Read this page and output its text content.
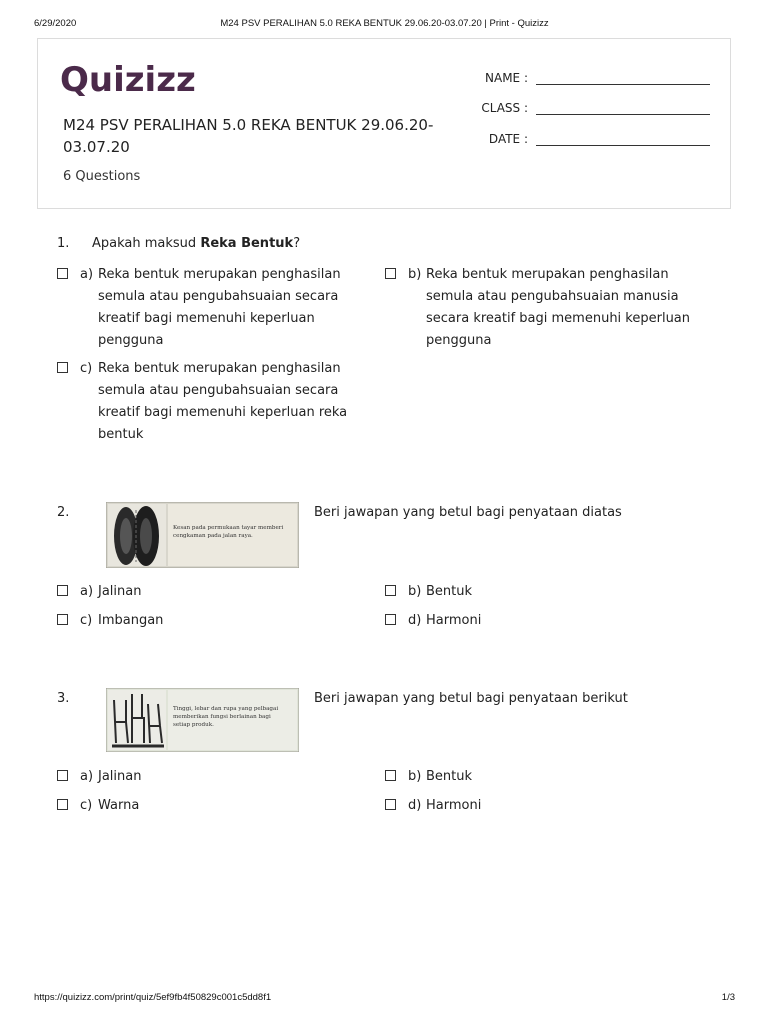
6/29/2020	M24 PSV PERALIHAN 5.0 REKA BENTUK 29.06.20-03.07.20 | Print - Quizizz
Quizizz
M24 PSV PERALIHAN 5.0 REKA BENTUK 29.06.20-03.07.20
6 Questions
NAME :
CLASS :
DATE :
1. Apakah maksud Reka Bentuk?
a) Reka bentuk merupakan penghasilan
semula atau pengubahsuaian secara
kreatif bagi memenuhi keperluan
pengguna
b) Reka bentuk merupakan penghasilan
semula atau pengubahsuaian manusia
secara kreatif bagi memenuhi keperluan
pengguna
c) Reka bentuk merupakan penghasilan
semula atau pengubahsuaian secara
kreatif bagi memenuhi keperluan reka
bentuk
2.
Kesan pada permukaan tayar memberi
cengkaman pada jalan raya.
Beri jawapan yang betul bagi penyataan diatas
a) Jalinan	b) Bentuk
c) Imbangan	d) Harmoni
3.
Tinggi, lebar dan rupa yang pelbagai
memberikan fungsi berlainan bagi
setiap produk.
Beri jawapan yang betul bagi penyataan berikut
a) Jalinan	b) Bentuk
c) Warna	d) Harmoni
https://quizizz.com/print/quiz/5ef9fb4f50829c001c5dd8f1	1/3
